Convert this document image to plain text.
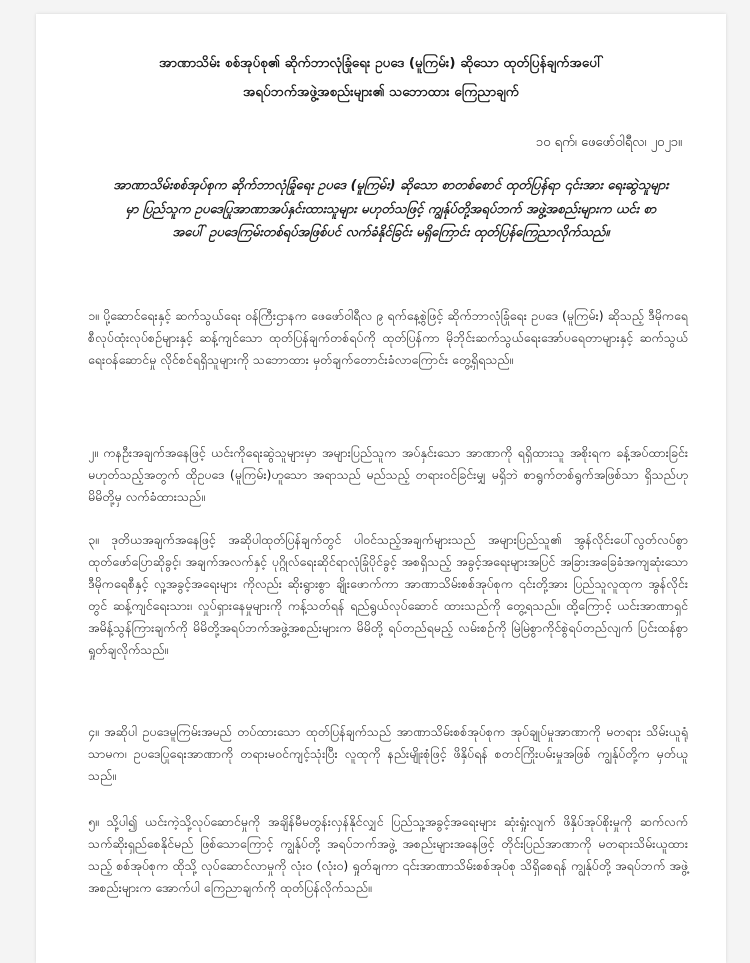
အာဏာသိမ်း စစ်အုပ်စု၏ ဆိုက်ဘာလုံခြုံရေး ဥပဒေ (မူကြမ်း) ဆိုသော ထုတ်ပြန်ချက်အပေါ်
အရပ်ဘက်အဖွဲ့အစည်းများ၏ သဘောထား ကြေညာချက်
၁၀ ရက်၊ ဖေဖော်ဝါရီလ၊ ၂၀၂၁။
အာဏာသိမ်းစစ်အုပ်စုက ဆိုက်ဘာလုံခြုံရေး ဥပဒေ (မူကြမ်း) ဆိုသော စာတစ်စောင် ထုတ်ပြန်ရာ ၎င်းအား ရေးဆွဲသူများမှာ ပြည်သူက ဥပဒေပြုအာဏာအပ်နှင်းထားသူများ မဟုတ်သဖြင့် ကျွန်ုပ်တို့အရပ်ဘက် အဖွဲ့အစည်းများက ယင်း စာအပေါ် ဥပဒေကြမ်းတစ်ရပ်အဖြစ်ပင် လက်ခံနိုင်ခြင်း မရှိကြောင်း ထုတ်ပြန်ကြေညာလိုက်သည်။
၁။ ပို့ဆောင်ရေးနှင့် ဆက်သွယ်ရေး ဝန်ကြီးဌာနက ဖေဖော်ဝါရီလ ၉ ရက်နေ့စွဲဖြင့် ဆိုက်ဘာလုံခြုံရေး ဥပဒေ (မူကြမ်း) ဆိုသည့် ဒီမိုကရေစီလုပ်ထုံးလုပ်စဉ်များနှင့် ဆန့်ကျင်သော ထုတ်ပြန်ချက်တစ်ရပ်ကို ထုတ်ပြန်ကာ မိုဘိုင်းဆက်သွယ်ရေးအော်ပရေတာများနှင့် ဆက်သွယ်ရေးဝန်ဆောင်မှု လိုင်စင်ရရှိသူများကို သဘောထား မှတ်ချက်တောင်းခံလာကြောင်း တွေ့ရှိရသည်။
၂။ ကနဦးအချက်အနေဖြင့် ယင်းကိုရေးဆွဲသူများမှာ အများပြည်သူက အပ်နှင်းသော အာဏာကို ရရှိထားသူ အစိုးရက ခန့်အပ်ထားခြင်း မဟုတ်သည့်အတွက် ထိုဥပဒေ (မူကြမ်း)ဟူသော အရာသည် မည်သည့် တရားဝင်ခြင်းမျှ မရှိဘဲ စာရွက်တစ်ရွက်အဖြစ်သာ ရှိသည်ဟု မိမိတို့မှ လက်ခံထားသည်။
၃။ ဒုတိယအချက်အနေဖြင့် အဆိုပါထုတ်ပြန်ချက်တွင် ပါဝင်သည့်အချက်များသည် အများပြည်သူ၏ အွန်လိုင်းပေါ်လွတ်လပ်စွာထုတ်ဖော်ပြောဆိုခွင့်၊ အချက်အလက်နှင့် ပုဂ္ဂိုလ်ရေးဆိုင်ရာလုံခြုံပိုင်ခွင့် အစရှိသည့် အခွင့်အရေးများအပြင် အခြားအခြေခံအကျဆုံးသော ဒီမိုကရေစီနှင့် လူ့အခွင့်အရေးများ ကိုလည်း ဆိုးရွားစွာ ချိုးဖောက်ကာ အာဏာသိမ်းစစ်အုပ်စုက ၎င်းတို့အား ပြည်သူလူထုက အွန်လိုင်းတွင် ဆန့်ကျင်ရေးသား၊ လှုပ်ရှားနေမှုများကို ကန့်သတ်ရန် ရည်ရွယ်လုပ်ဆောင် ထားသည်ကို တွေ့ရသည်။ ထို့ကြောင့် ယင်းအာဏာရှင်အမိန့်သွန်ကြားချက်ကို မိမိတို့အရပ်ဘက်အဖွဲ့အစည်းများက မိမိတို့ ရပ်တည်ရမည့် လမ်းစဉ်ကို မြဲမြဲစွာကိုင်စွဲရပ်တည်လျက် ပြင်းထန်စွာ ရှုတ်ချလိုက်သည်။
၄။ အဆိုပါ ဥပဒေမူကြမ်းအမည် တပ်ထားသော ထုတ်ပြန်ချက်သည် အာဏာသိမ်းစစ်အုပ်စုက အုပ်ချုပ်မှုအာဏာကို မတရား သိမ်းယူရုံသာမက၊ ဥပဒေပြုရေးအာဏာကို တရားမဝင်ကျင့်သုံးပြီး လူထုကို နည်းမျိုးစုံဖြင့် ဖိနှိပ်ရန် စတင်ကြိုးပမ်းမှုအဖြစ် ကျွန်ုပ်တို့က မှတ်ယူသည်။
၅။ သို့ပါ၍ ယင်းကဲ့သို့လုပ်ဆောင်မှုကို အချိန်မီမတွန်းလှန်နိုင်လျှင် ပြည်သူ့အခွင့်အရေးများ ဆုံးရှုံးလျက် ဖိနှိပ်အုပ်စိုးမှုကို ဆက်လက်သက်ဆိုးရှည်စေနိုင်မည် ဖြစ်သောကြောင့် ကျွန်ုပ်တို့ အရပ်ဘက်အဖွဲ့ အစည်းများအနေဖြင့် တိုင်းပြည်အာဏာကို မတရားသိမ်းယူထားသည့် စစ်အုပ်စုက ထိုသို့ လုပ်ဆောင်လာမှုကို လုံးဝ (လုံးဝ) ရှုတ်ချကာ ၎င်းအာဏာသိမ်းစစ်အုပ်စု သိရှိစေရန် ကျွန်ုပ်တို့ အရပ်ဘက် အဖွဲ့အစည်းများက အောက်ပါ ကြေညာချက်ကို ထုတ်ပြန်လိုက်သည်။
